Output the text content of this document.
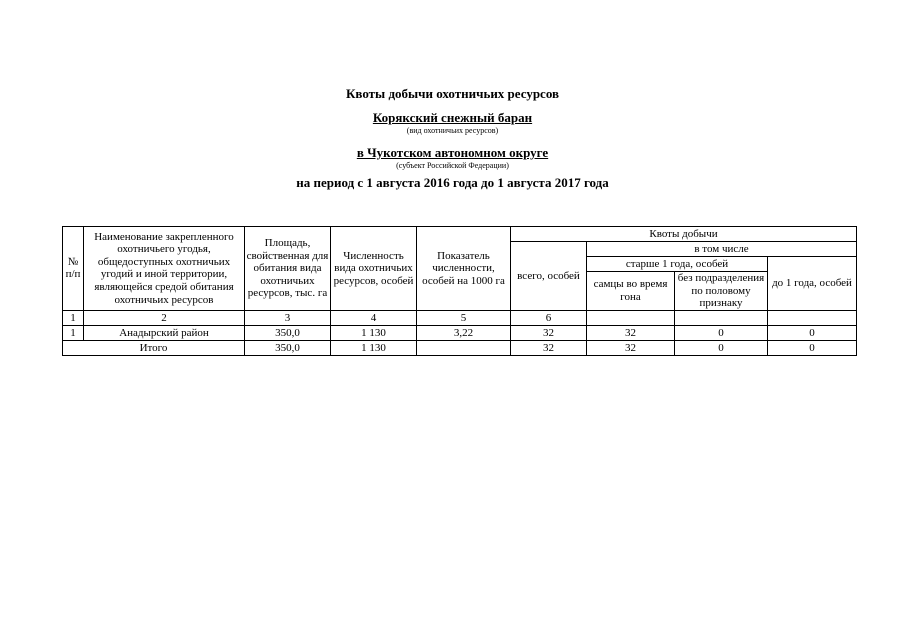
Квоты добычи охотничьих ресурсов
Корякский снежный баран
(вид охотничьих ресурсов)
в Чукотском автономном округе
(субъект Российской Федерации)
на период с 1 августа 2016 года до 1 августа 2017 года
№ п/п	Наименование закрепленного охотничьего угодья, общедоступных охотничьих угодий и иной территории, являющейся средой обитания охотничьих ресурсов	Площадь, свойственная для обитания вида охотничьих ресурсов, тыс. га	Численность вида охотничьих ресурсов, особей	Показатель численности, особей на 1000 га	Квоты добычи			
					всего, особей	в том числе		
						старше 1 года, особей		до 1 года, особей
						самцы во время гона	без подразделения по половому признаку	

1	2	3	4	5	6			
1	Анадырский район	350,0	1 130	3,22	32	32	0	0
Итого		350,0	1 130		32	32	0	0
